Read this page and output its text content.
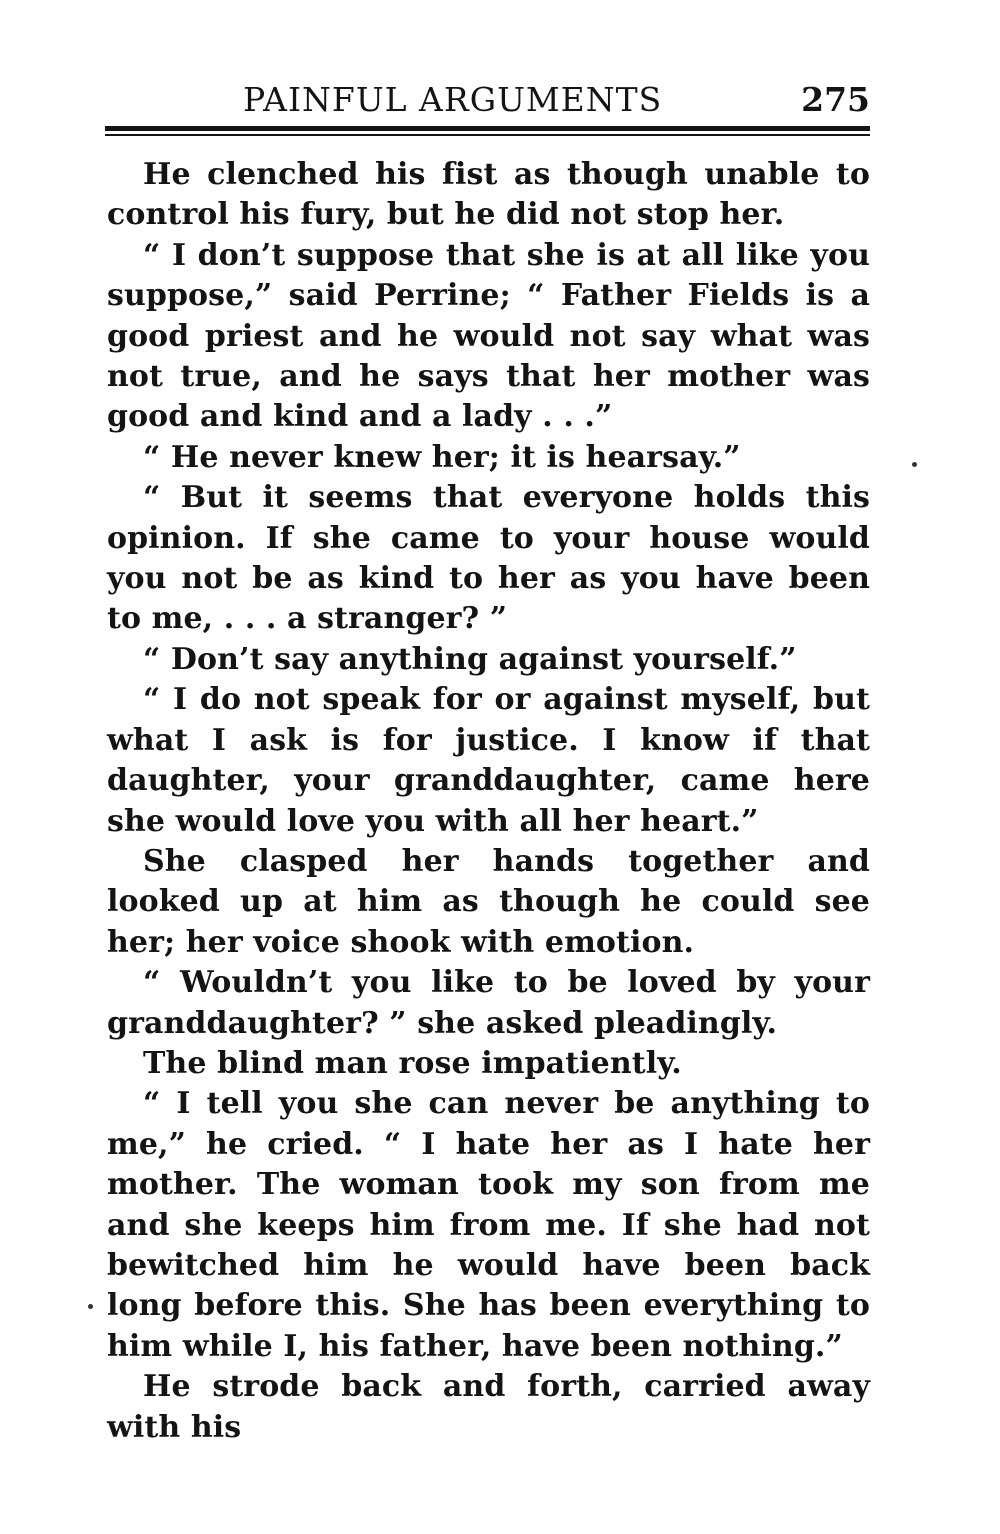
PAINFUL ARGUMENTS	275

He clenched his fist as though unable to control his fury, but he did not stop her.

“ I don’t suppose that she is at all like you suppose,” said Perrine; “ Father Fields is a good priest and he would not say what was not true, and he says that her mother was good and kind and a lady . . .”

“ He never knew her; it is hearsay.”

“ But it seems that everyone holds this opinion. If she came to your house would you not be as kind to her as you have been to me, . . . a stranger? ”

“ Don’t say anything against yourself.”

“ I do not speak for or against myself, but what I ask is for justice. I know if that daughter, your granddaughter, came here she would love you with all her heart.”

She clasped her hands together and looked up at him as though he could see her; her voice shook with emotion.

“ Wouldn’t you like to be loved by your granddaughter? ” she asked pleadingly.

The blind man rose impatiently.

“ I tell you she can never be anything to me,” he cried. “ I hate her as I hate her mother. The woman took my son from me and she keeps him from me. If she had not bewitched him he would have been back long before this. She has been everything to him while I, his father, have been nothing.”

He strode back and forth, carried away with his
